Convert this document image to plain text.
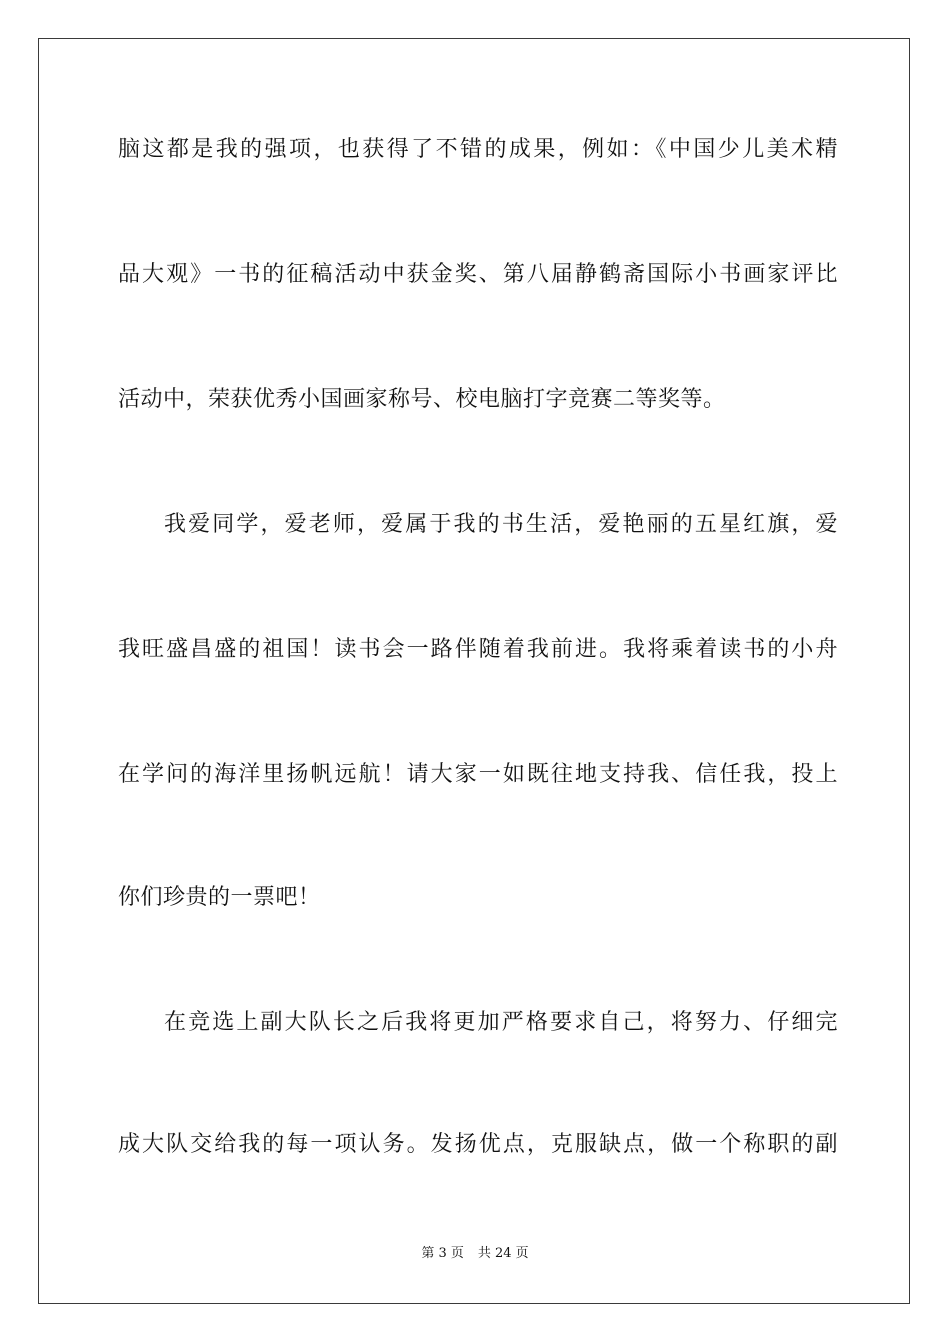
脑这都是我的强项，也获得了不错的成果，例如：《中国少儿美术精
品大观》一书的征稿活动中获金奖、第八届静鹤斋国际小书画家评比
活动中，荣获优秀小国画家称号、校电脑打字竞赛二等奖等。
我爱同学，爱老师，爱属于我的书生活，爱艳丽的五星红旗，爱
我旺盛昌盛的祖国！读书会一路伴随着我前进。我将乘着读书的小舟
在学问的海洋里扬帆远航！请大家一如既往地支持我、信任我，投上
你们珍贵的一票吧！
在竞选上副大队长之后我将更加严格要求自己，将努力、仔细完
成大队交给我的每一项认务。发扬优点，克服缺点，做一个称职的副
第 3 页 共 24 页
